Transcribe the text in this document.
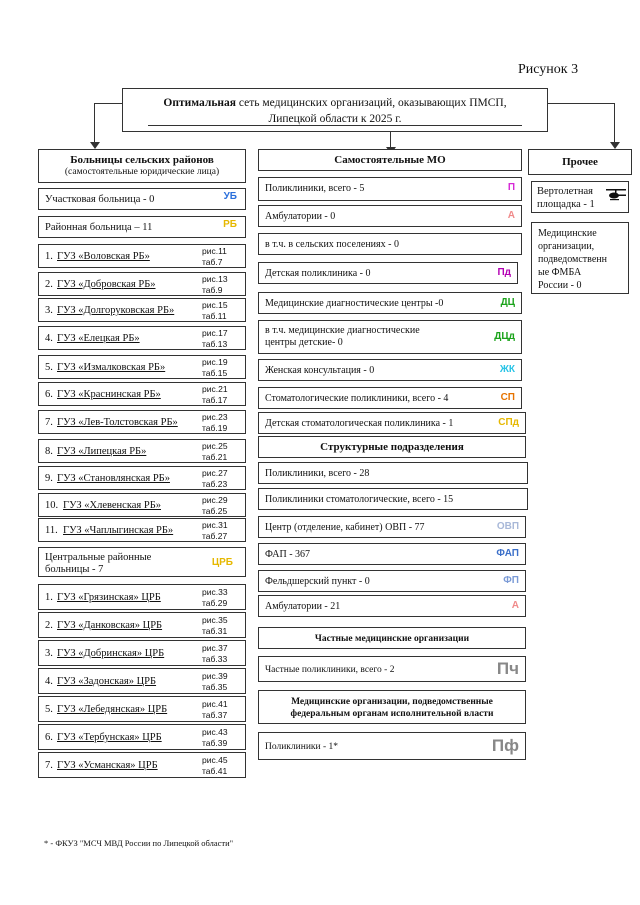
Рисунок 3
Оптимальная сеть медицинских организаций, оказывающих ПМСП,
Липецкой области к 2025 г.
Больницы сельских районов
(самостоятельные юридические лица)
Участковая больница - 0	УБ
Районная больница – 11	РБ
1. ГУЗ «Воловская РБ»	рис.11
таб.7
2. ГУЗ «Добровская РБ»	рис.13
таб.9
3. ГУЗ «Долгоруковская РБ»	рис.15
таб.11
4. ГУЗ «Елецкая РБ»	рис.17
таб.13
5. ГУЗ «Измалковская РБ»	рис.19
таб.15
6. ГУЗ «Краснинская РБ»	рис.21
таб.17
7. ГУЗ «Лев-Толстовская РБ»	рис.23
таб.19
8. ГУЗ «Липецкая РБ»	рис.25
таб.21
9. ГУЗ «Становлянская РБ»	рис.27
таб.23
10. ГУЗ «Хлевенская РБ»	рис.29
таб.25
11. ГУЗ «Чаплыгинская РБ»	рис.31
таб.27
Центральные районные
больницы - 7
ЦРБ
1. ГУЗ «Грязинская» ЦРБ	рис.33
таб.29
2. ГУЗ «Данковская» ЦРБ	рис.35
таб.31
3. ГУЗ «Добринская» ЦРБ	рис.37
таб.33
4. ГУЗ «Задонская» ЦРБ	рис.39
таб.35
5. ГУЗ «Лебедянская» ЦРБ	рис.41
таб.37
6. ГУЗ «Тербунская» ЦРБ	рис.43
таб.39
7. ГУЗ «Усманская» ЦРБ	рис.45
таб.41
Самостоятельные МО
Поликлиники, всего - 5	П
Амбулатории - 0	А
в т.ч. в сельских поселениях - 0
Детская поликлиника - 0	Пд
Медицинские диагностические центры -0	ДЦ
в т.ч. медицинские диагностические
центры детские- 0
ДЦд
Женская консультация - 0	ЖК
Стоматологические поликлиники, всего - 4	СП
Детская стоматологическая поликлиника - 1	СПд
Структурные подразделения
Поликлиники, всего - 28
Поликлиники стоматологические, всего - 15
Центр (отделение, кабинет) ОВП - 77	ОВП
ФАП - 367	ФАП
Фельдшерский пункт - 0	ФП
Амбулатории - 21	А
Частные медицинские организации
Частные поликлиники, всего - 2	Пч
Медицинские организации, подведомственные
федеральным органам исполнительной власти
Поликлиники - 1*	Пф
Прочее
Вертолетная
площадка - 1
Медицинские
организации,
подведомственн
ые ФМБА
России - 0
* - ФКУЗ "МСЧ МВД России по Липецкой области"
